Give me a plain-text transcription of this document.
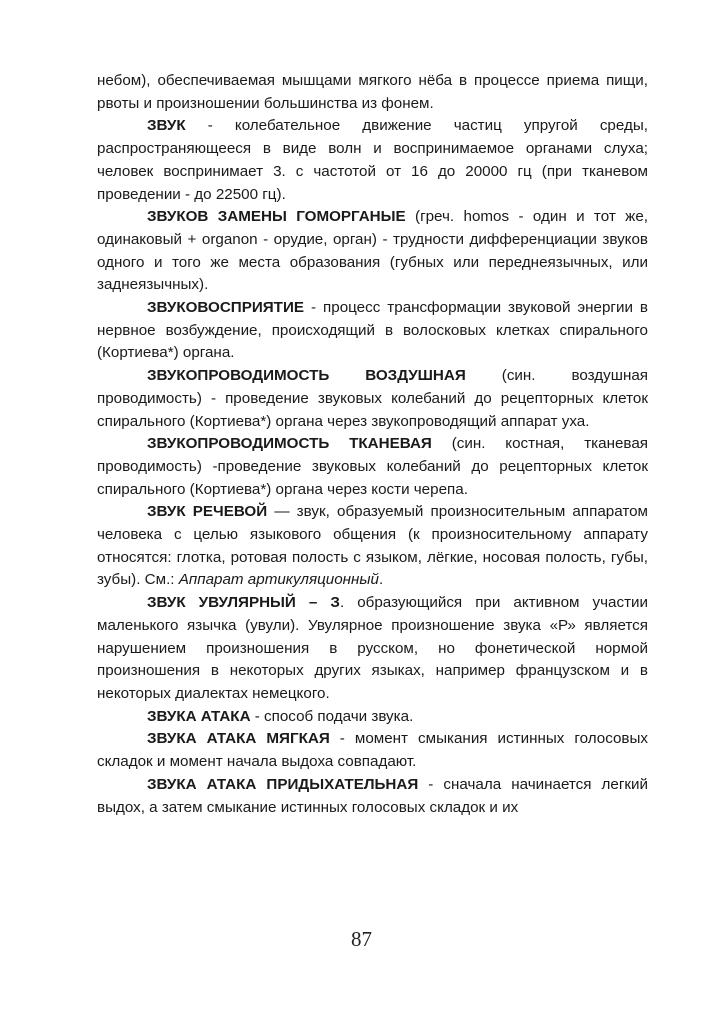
небом), обеспечиваемая мышцами мягкого нёба в процессе приема пищи, рвоты и произношении большинства из фонем.

ЗВУК - колебательное движение частиц упругой среды, распространяющееся в виде волн и воспринимаемое органами слуха; человек воспринимает 3. с частотой от 16 до 20000 гц (при тканевом проведении - до 22500 гц).

ЗВУКОВ ЗАМЕНЫ ГОМОРГАНЫЕ (греч. homos - один и тот же, одинаковый + organon - орудие, орган) - трудности дифференциации звуков одного и того же места образования (губных или переднеязычных, или заднеязычных).

ЗВУКОВОСПРИЯТИЕ - процесс трансформации звуковой энергии в нервное возбуждение, происходящий в волосковых клетках спирального (Кортиева*) органа.

ЗВУКОПРОВОДИМОСТЬ ВОЗДУШНАЯ (син. воздушная проводимость) - проведение звуковых колебаний до рецепторных клеток спирального (Кортиева*) органа через звукопроводящий аппарат уха.

ЗВУКОПРОВОДИМОСТЬ ТКАНЕВАЯ (син. костная, тканевая проводимость) -проведение звуковых колебаний до рецепторных клеток спирального (Кортиева*) органа через кости черепа.

ЗВУК РЕЧЕВОЙ — звук, образуемый произносительным аппаратом человека с целью языкового общения (к произносительному аппарату относятся: глотка, ротовая полость с языком, лёгкие, носовая полость, губы, зубы). См.: Аппарат артикуляционный.

ЗВУК УВУЛЯРНЫЙ – З. образующийся при активном участии маленького язычка (увули). Увулярное произношение звука «Р» является нарушением произношения в русском, но фонетической нормой произношения в некоторых других языках, например французском и в некоторых диалектах немецкого.

ЗВУКА АТАКА - способ подачи звука.

ЗВУКА АТАКА МЯГКАЯ - момент смыкания истинных голосовых складок и момент начала выдоха совпадают.

ЗВУКА АТАКА ПРИДЫХАТЕЛЬНАЯ - сначала начинается легкий выдох, а затем смыкание истинных голосовых складок и их

87
